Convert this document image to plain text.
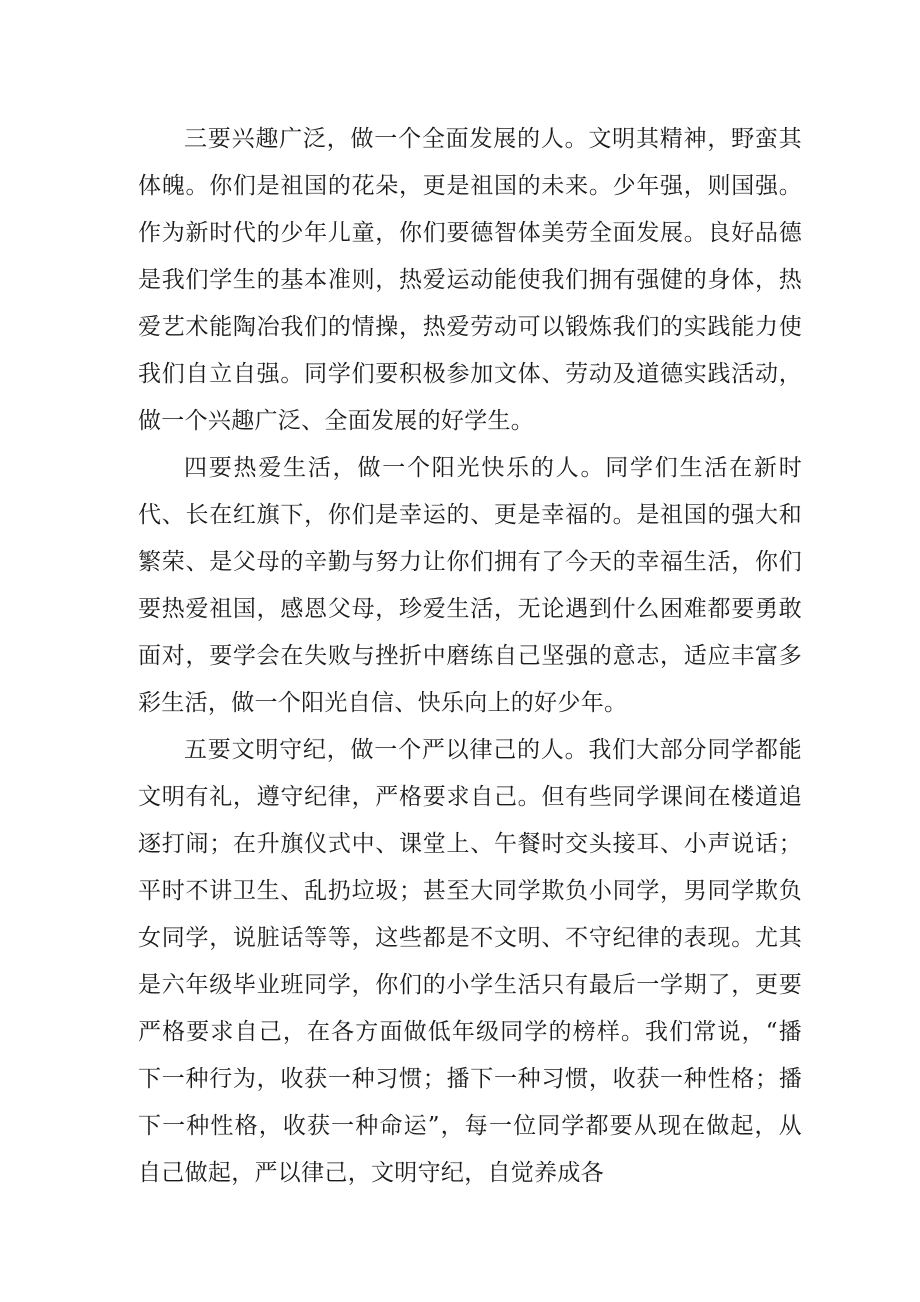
三要兴趣广泛，做一个全面发展的人。文明其精神，野蛮其体魄。你们是祖国的花朵，更是祖国的未来。少年强，则国强。作为新时代的少年儿童，你们要德智体美劳全面发展。良好品德是我们学生的基本准则，热爱运动能使我们拥有强健的身体，热爱艺术能陶冶我们的情操，热爱劳动可以锻炼我们的实践能力使我们自立自强。同学们要积极参加文体、劳动及道德实践活动，做一个兴趣广泛、全面发展的好学生。

四要热爱生活，做一个阳光快乐的人。同学们生活在新时代、长在红旗下，你们是幸运的、更是幸福的。是祖国的强大和繁荣、是父母的辛勤与努力让你们拥有了今天的幸福生活，你们要热爱祖国，感恩父母，珍爱生活，无论遇到什么困难都要勇敢面对，要学会在失败与挫折中磨练自己坚强的意志，适应丰富多彩生活，做一个阳光自信、快乐向上的好少年。

五要文明守纪，做一个严以律己的人。我们大部分同学都能文明有礼，遵守纪律，严格要求自己。但有些同学课间在楼道追逐打闹；在升旗仪式中、课堂上、午餐时交头接耳、小声说话；平时不讲卫生、乱扔垃圾；甚至大同学欺负小同学，男同学欺负女同学，说脏话等等，这些都是不文明、不守纪律的表现。尤其是六年级毕业班同学，你们的小学生活只有最后一学期了，更要严格要求自己，在各方面做低年级同学的榜样。我们常说，“播下一种行为，收获一种习惯；播下一种习惯，收获一种性格；播下一种性格，收获一种命运”，每一位同学都要从现在做起，从自己做起，严以律己，文明守纪，自觉养成各
